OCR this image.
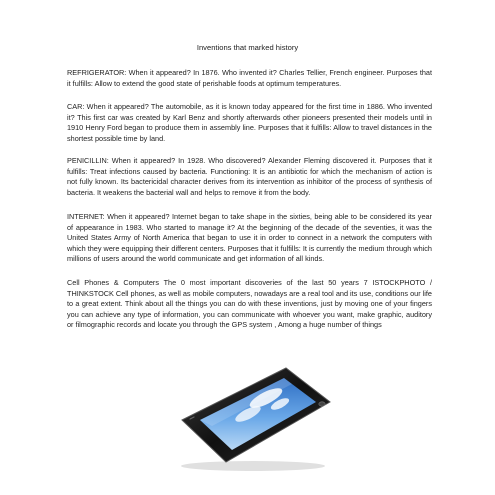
Inventions that marked history

REFRIGERATOR: When it appeared? In 1876. Who invented it? Charles Tellier, French engineer. Purposes that it fulfills: Allow to extend the good state of perishable foods at optimum temperatures.

CAR: When it appeared? The automobile, as it is known today appeared for the first time in 1886. Who invented it? This first car was created by Karl Benz and shortly afterwards other pioneers presented their models until in 1910 Henry Ford began to produce them in assembly line. Purposes that it fulfills: Allow to travel distances in the shortest possible time by land.

PENICILLIN: When it appeared? In 1928. Who discovered? Alexander Fleming discovered it. Purposes that it fulfills: Treat infections caused by bacteria. Functioning: It is an antibiotic for which the mechanism of action is not fully known. Its bactericidal character derives from its intervention as inhibitor of the process of synthesis of bacteria. It weakens the bacterial wall and helps to remove it from the body.

INTERNET: When it appeared? Internet began to take shape in the sixties, being able to be considered its year of appearance in 1983. Who started to manage it? At the beginning of the decade of the seventies, it was the United States Army of North America that began to use it in order to connect in a network the computers with which they were equipping their different centers. Purposes that it fulfills: It is currently the medium through which millions of users around the world communicate and get information of all kinds.

Cell Phones & Computers The 0 most important discoveries of the last 50 years 7 ISTOCKPHOTO / THINKSTOCK Cell phones, as well as mobile computers, nowadays are a real tool and its use, conditions our life to a great extent. Think about all the things you can do with these inventions, just by moving one of your fingers you can achieve any type of information, you can communicate with whoever you want, make graphic, auditory or filmographic records and locate you through the GPS system , Among a huge number of things
